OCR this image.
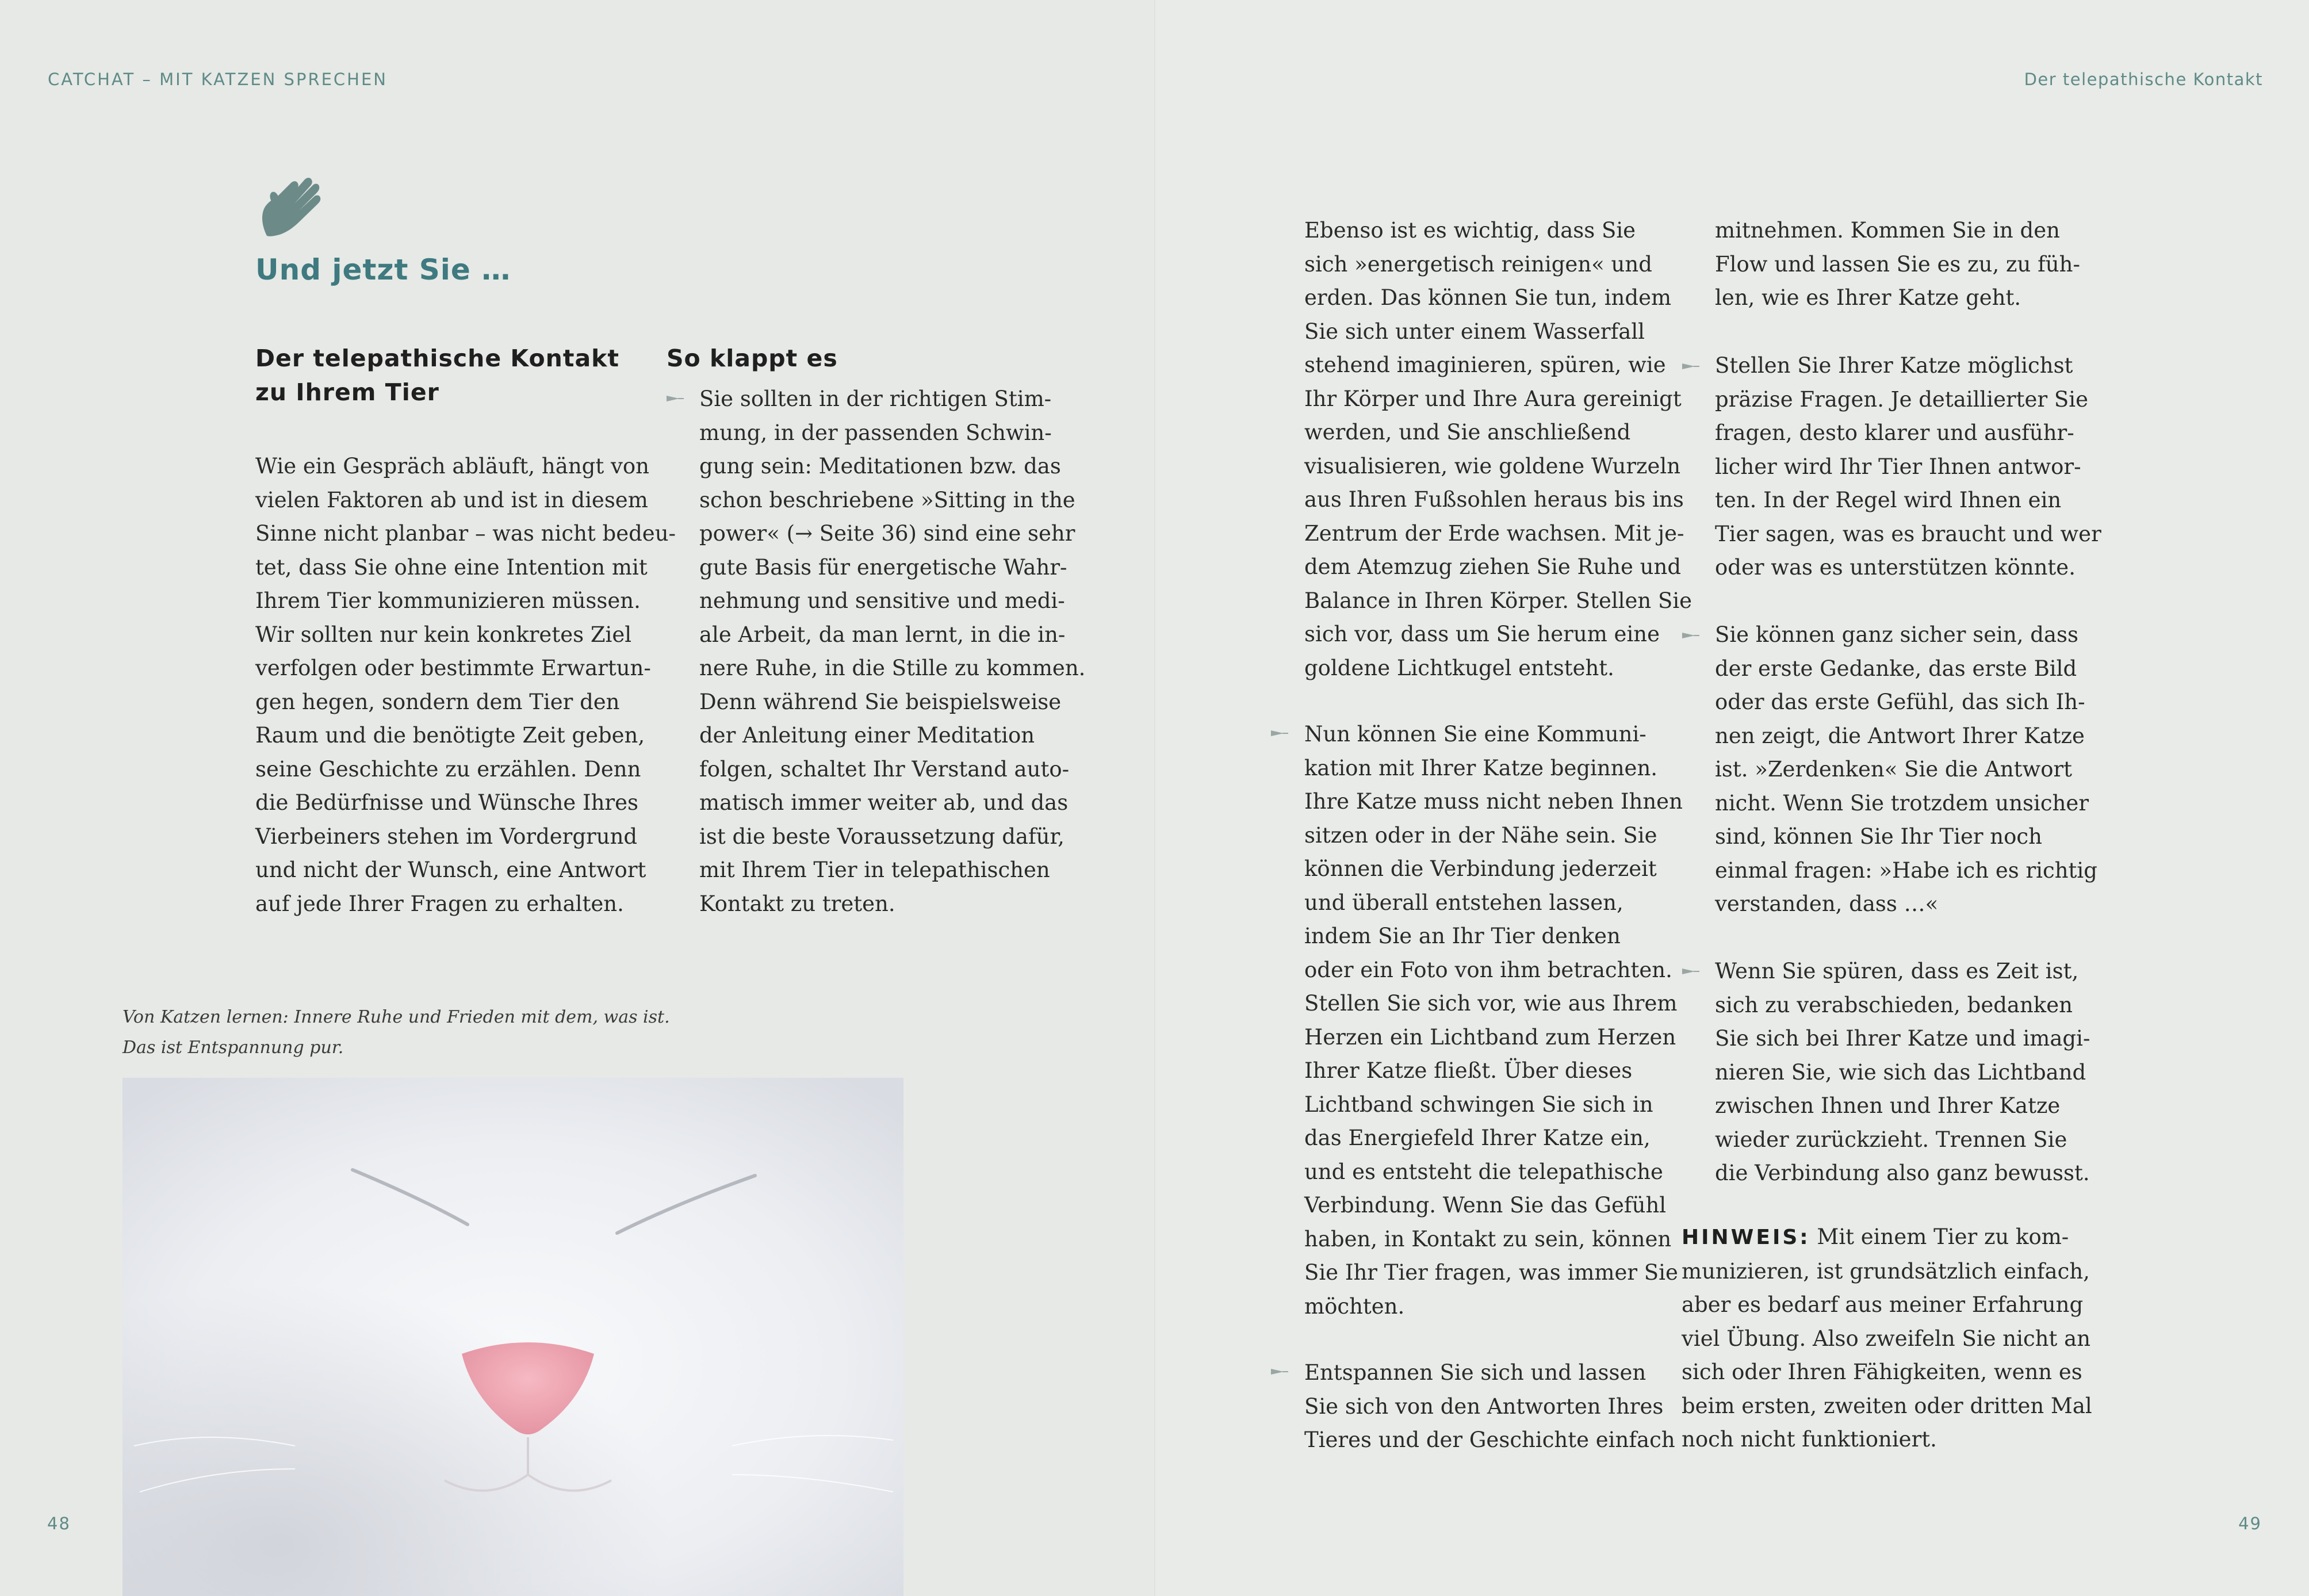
CATCHAT – MIT KATZEN SPRECHEN
Und jetzt Sie …
Der telepathische Kontakt
zu Ihrem Tier

Wie ein Gespräch abläuft, hängt von
vielen Faktoren ab und ist in diesem
Sinne nicht planbar – was nicht bedeu-
tet, dass Sie ohne eine Intention mit
Ihrem Tier kommunizieren müssen.
Wir sollten nur kein konkretes Ziel
verfolgen oder bestimmte Erwartun-
gen hegen, sondern dem Tier den
Raum und die benötigte Zeit geben,
seine Geschichte zu erzählen. Denn
die Bedürfnisse und Wünsche Ihres
Vierbeiners stehen im Vordergrund
und nicht der Wunsch, eine Antwort
auf jede Ihrer Fragen zu erhalten.

So klappt es
Sie sollten in der richtigen Stim-
mung, in der passenden Schwin-
gung sein: Meditationen bzw. das
schon beschriebene »Sitting in the
power« (→ Seite 36) sind eine sehr
gute Basis für energetische Wahr-
nehmung und sensitive und medi-
ale Arbeit, da man lernt, in die in-
nere Ruhe, in die Stille zu kommen.
Denn während Sie beispielsweise
der Anleitung einer Meditation
folgen, schaltet Ihr Verstand auto-
matisch immer weiter ab, und das
ist die beste Voraussetzung dafür,
mit Ihrem Tier in telepathischen
Kontakt zu treten.
Von Katzen lernen: Innere Ruhe und Frieden mit dem, was ist.
Das ist Entspannung pur.
48
Der telepathische Kontakt

Ebenso ist es wichtig, dass Sie
sich »energetisch reinigen« und
erden. Das können Sie tun, indem
Sie sich unter einem Wasserfall
stehend imaginieren, spüren, wie
Ihr Körper und Ihre Aura gereinigt
werden, und Sie anschließend
visualisieren, wie goldene Wurzeln
aus Ihren Fußsohlen heraus bis ins
Zentrum der Erde wachsen. Mit je-
dem Atemzug ziehen Sie Ruhe und
Balance in Ihren Körper. Stellen Sie
sich vor, dass um Sie herum eine
goldene Lichtkugel entsteht.

Nun können Sie eine Kommuni-
kation mit Ihrer Katze beginnen.
Ihre Katze muss nicht neben Ihnen
sitzen oder in der Nähe sein. Sie
können die Verbindung jederzeit
und überall entstehen lassen,
indem Sie an Ihr Tier denken
oder ein Foto von ihm betrachten.
Stellen Sie sich vor, wie aus Ihrem
Herzen ein Lichtband zum Herzen
Ihrer Katze fließt. Über dieses
Lichtband schwingen Sie sich in
das Energiefeld Ihrer Katze ein,
und es entsteht die telepathische
Verbindung. Wenn Sie das Gefühl
haben, in Kontakt zu sein, können
Sie Ihr Tier fragen, was immer Sie
möchten.
Entspannen Sie sich und lassen
Sie sich von den Antworten Ihres
Tieres und der Geschichte einfach

mitnehmen. Kommen Sie in den
Flow und lassen Sie es zu, zu füh-
len, wie es Ihrer Katze geht.

Stellen Sie Ihrer Katze möglichst
präzise Fragen. Je detaillierter Sie
fragen, desto klarer und ausführ-
licher wird Ihr Tier Ihnen antwor-
ten. In der Regel wird Ihnen ein
Tier sagen, was es braucht und wer
oder was es unterstützen könnte.
Sie können ganz sicher sein, dass
der erste Gedanke, das erste Bild
oder das erste Gefühl, das sich Ih-
nen zeigt, die Antwort Ihrer Katze
ist. »Zerdenken« Sie die Antwort
nicht. Wenn Sie trotzdem unsicher
sind, können Sie Ihr Tier noch
einmal fragen: »Habe ich es richtig
verstanden, dass …«
Wenn Sie spüren, dass es Zeit ist,
sich zu verabschieden, bedanken
Sie sich bei Ihrer Katze und imagi-
nieren Sie, wie sich das Lichtband
zwischen Ihnen und Ihrer Katze
wieder zurückzieht. Trennen Sie
die Verbindung also ganz bewusst.

HINWEIS: Mit einem Tier zu kom-
munizieren, ist grundsätzlich einfach,
aber es bedarf aus meiner Erfahrung
viel Übung. Also zweifeln Sie nicht an
sich oder Ihren Fähigkeiten, wenn es
beim ersten, zweiten oder dritten Mal
noch nicht funktioniert.

49
